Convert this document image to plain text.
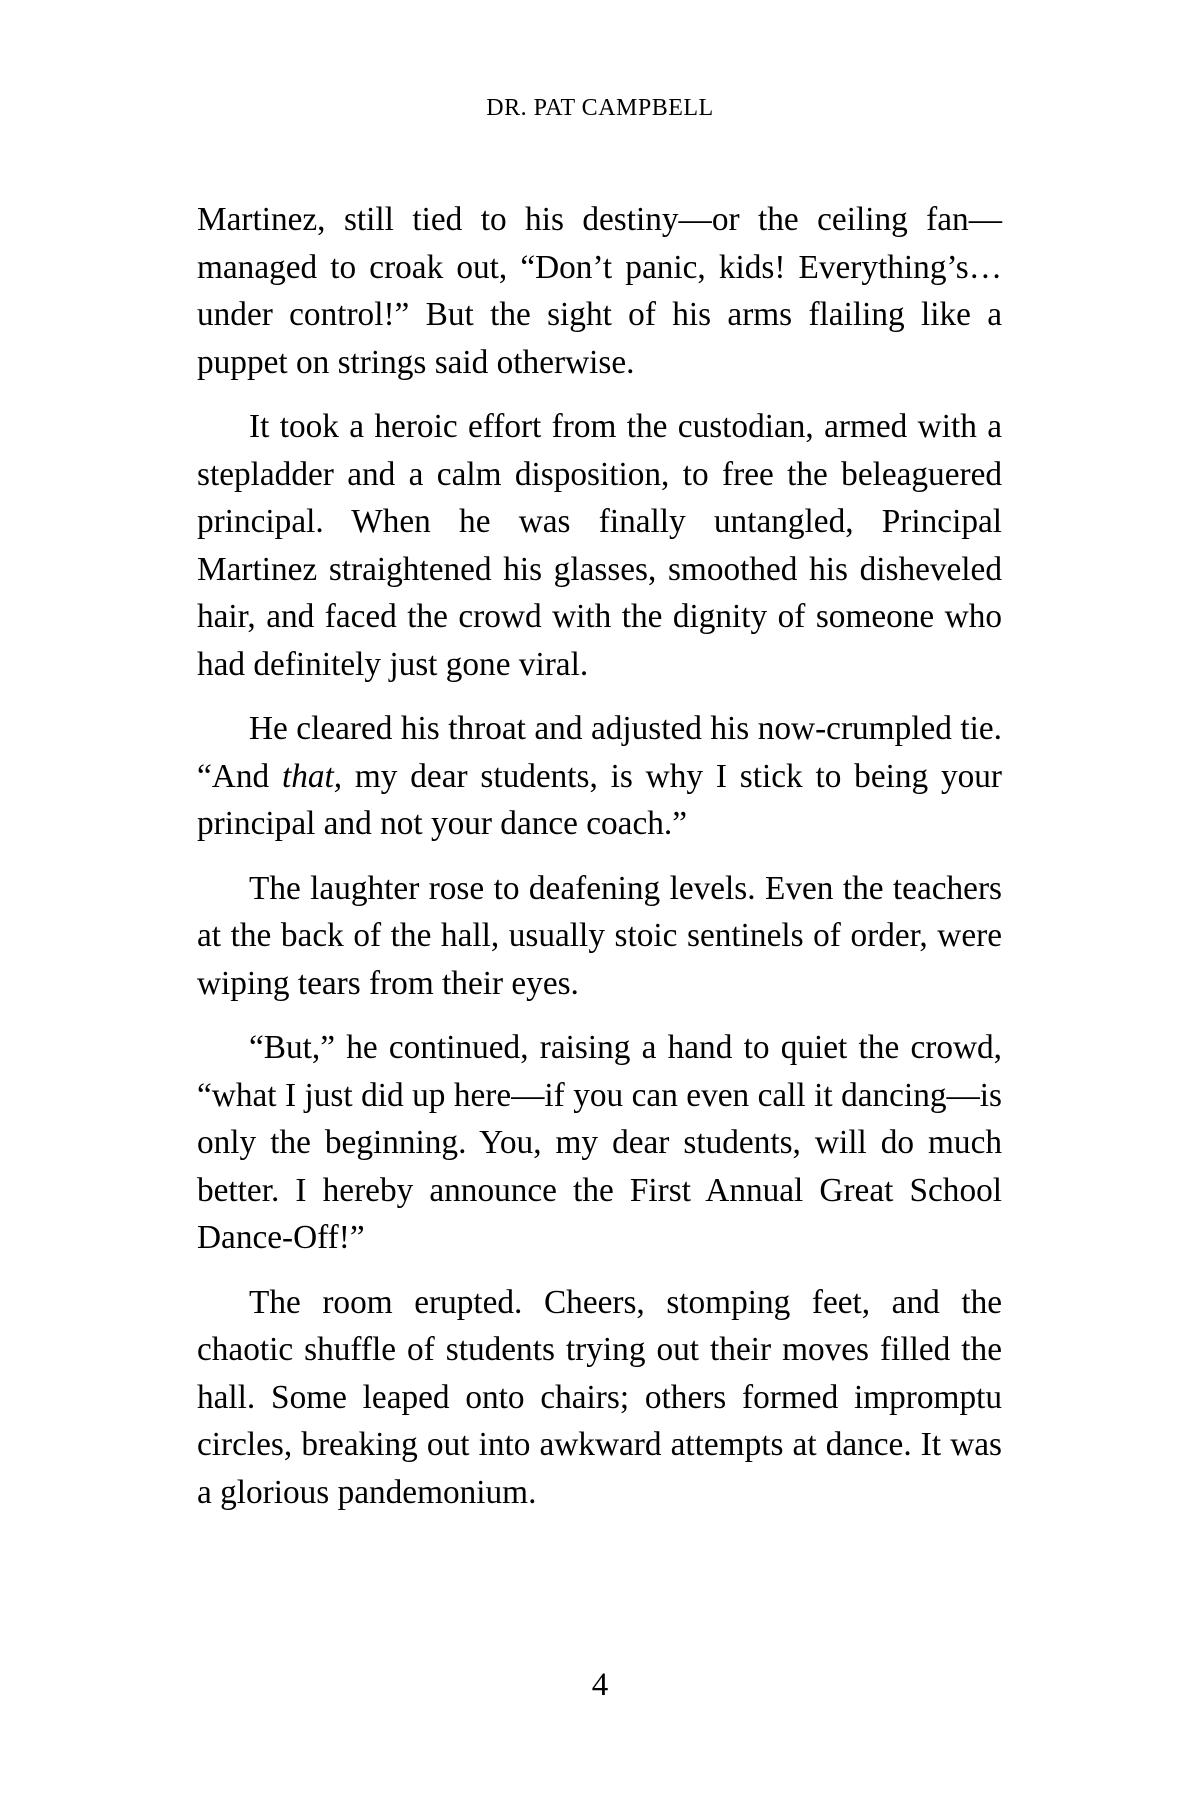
DR. PAT CAMPBELL

Martinez, still tied to his destiny—or the ceiling fan—managed to croak out, “Don’t panic, kids! Everything’s… under control!” But the sight of his arms flailing like a puppet on strings said otherwise.

It took a heroic effort from the custodian, armed with a stepladder and a calm disposition, to free the beleaguered principal. When he was finally untangled, Principal Martinez straightened his glasses, smoothed his disheveled hair, and faced the crowd with the dignity of someone who had definitely just gone viral.

He cleared his throat and adjusted his now-crumpled tie. “And that, my dear students, is why I stick to being your principal and not your dance coach.”

The laughter rose to deafening levels. Even the teachers at the back of the hall, usually stoic sentinels of order, were wiping tears from their eyes.

“But,” he continued, raising a hand to quiet the crowd, “what I just did up here—if you can even call it dancing—is only the beginning. You, my dear students, will do much better. I hereby announce the First Annual Great School Dance-Off!”

The room erupted. Cheers, stomping feet, and the chaotic shuffle of students trying out their moves filled the hall. Some leaped onto chairs; others formed impromptu circles, breaking out into awkward attempts at dance. It was a glorious pandemonium.

4
